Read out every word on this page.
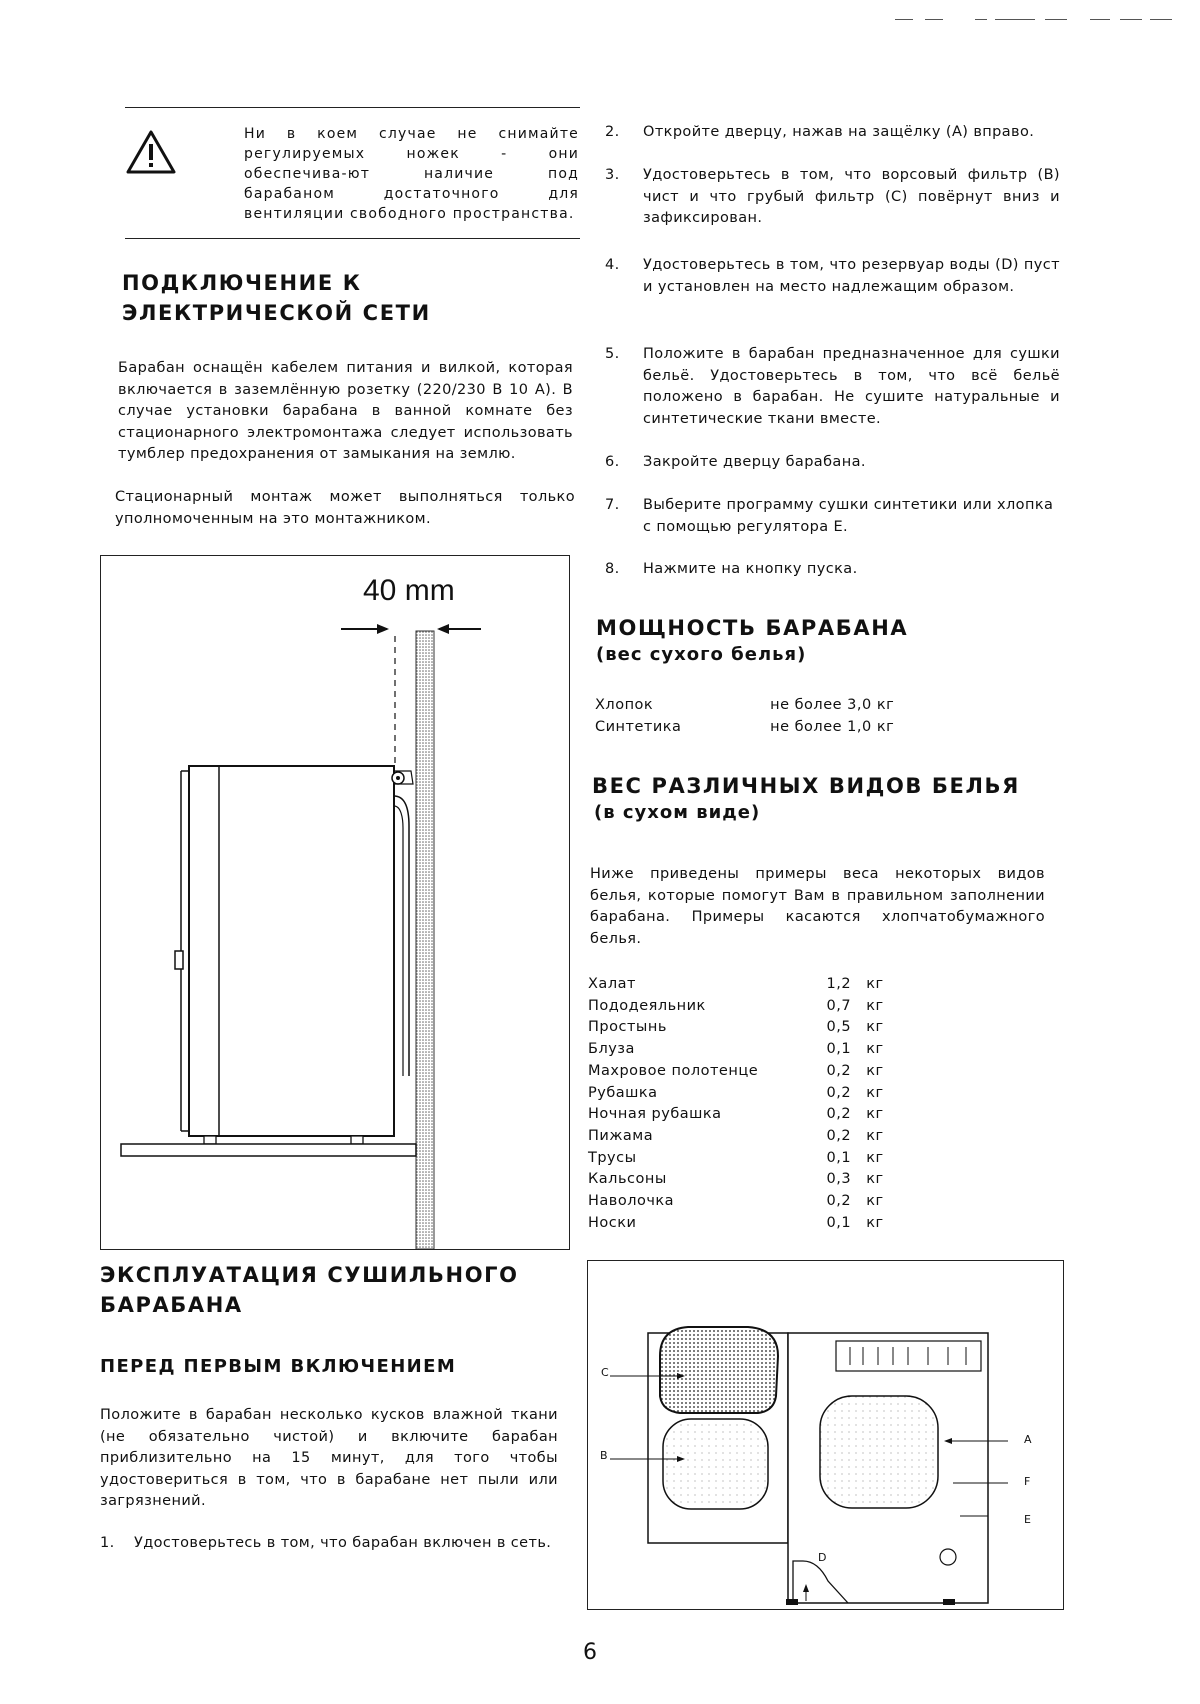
Ни в коем случае не снимайте регулируемых ножек - они обеспечива-ют наличие под барабаном достаточного для вентиляции свободного пространства.
ПОДКЛЮЧЕНИЕ К
ЭЛЕКТРИЧЕСКОЙ СЕТИ
Барабан оснащён кабелем питания и вилкой, которая включается в заземлённую розетку (220/230 В 10 А). В случае установки барабана в ванной комнате без стационарного электромонтажа следует использовать тумблер предохранения от замыкания на землю.
Стационарный монтаж может выполняться только уполномоченным на это монтажником.
40 mm
ЭКСПЛУАТАЦИЯ СУШИЛЬНОГО
БАРАБАНА
ПЕРЕД ПЕРВЫМ ВКЛЮЧЕНИЕМ
Положите в барабан несколько кусков влажной ткани (не обязательно чистой) и включите барабан приблизительно на 15 минут, для того чтобы удостовериться в том, что в барабане нет пыли или загрязнений.
1.	Удостоверьтесь в том, что барабан включен в сеть.
2.	Откройте дверцу, нажав на защёлку (А) вправо.
3.	Удостоверьтесь в том, что ворсовый фильтр (В) чист и что грубый фильтр (С) повёрнут вниз и зафиксирован.
4.	Удостоверьтесь в том, что резервуар воды (D) пуст и установлен на место надлежащим образом.
5.	Положите в барабан предназначенное для сушки бельё. Удостоверьтесь в том, что всё бельё положено в барабан. Не сушите натуральные и синтетические ткани вместе.
6.	Закройте дверцу барабана.
7.	Выберите программу сушки синтетики или хлопка с помощью регулятора Е.
8.	Нажмите на кнопку пуска.
МОЩНОСТЬ БАРАБАНА
(вес сухого белья)
Хлопок	не более 3,0 кг
Синтетика	не более 1,0 кг
ВЕС РАЗЛИЧНЫХ ВИДОВ БЕЛЬЯ
(в сухом виде)
Ниже приведены примеры веса некоторых видов белья, которые помогут Вам в правильном заполнении барабана. Примеры касаются хлопчатобумажного белья.
Халат	1,2 кг
Пододеяльник	0,7 кг
Простынь	0,5 кг
Блуза	0,1 кг
Махровое полотенце	0,2 кг
Рубашка	0,2 кг
Ночная рубашка	0,2 кг
Пижама	0,2 кг
Трусы	0,1 кг
Кальсоны	0,3 кг
Наволочка	0,2 кг
Носки	0,1 кг
C
B
A
F
E
D
6
